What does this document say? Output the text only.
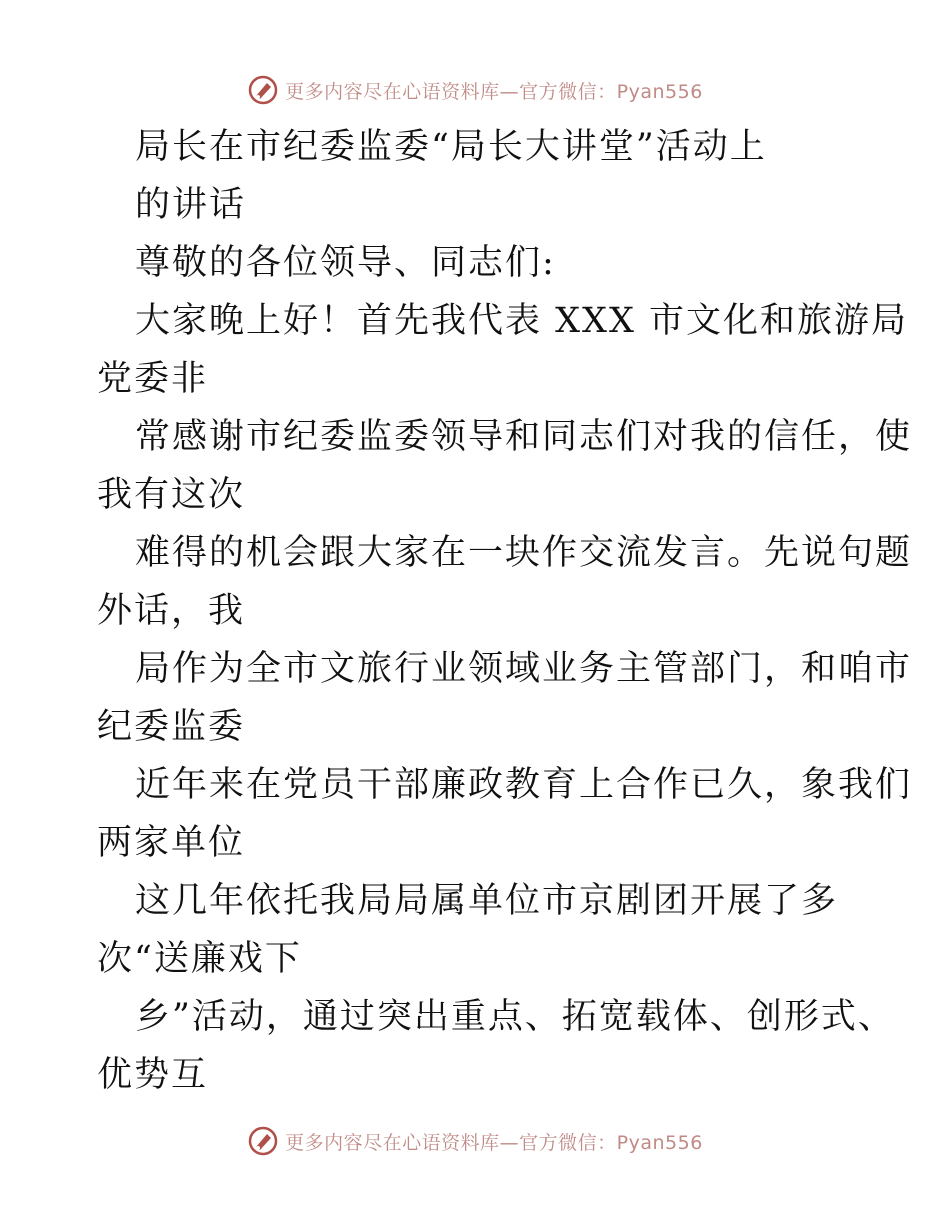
更多内容尽在心语资料库—官方微信：Pyan556
局长在市纪委监委“局长大讲堂”活动上
的讲话
尊敬的各位领导、同志们:
大家晚上好！首先我代表 XXX 市文化和旅游局
党委非
常感谢市纪委监委领导和同志们对我的信任，使
我有这次
难得的机会跟大家在一块作交流发言。先说句题
外话，我
局作为全市文旅行业领域业务主管部门，和咱市
纪委监委
近年来在党员干部廉政教育上合作已久，象我们
两家单位
这几年依托我局局属单位市京剧团开展了多
次“送廉戏下
乡”活动，通过突出重点、拓宽载体、创形式、
优势互
更多内容尽在心语资料库—官方微信：Pyan556
